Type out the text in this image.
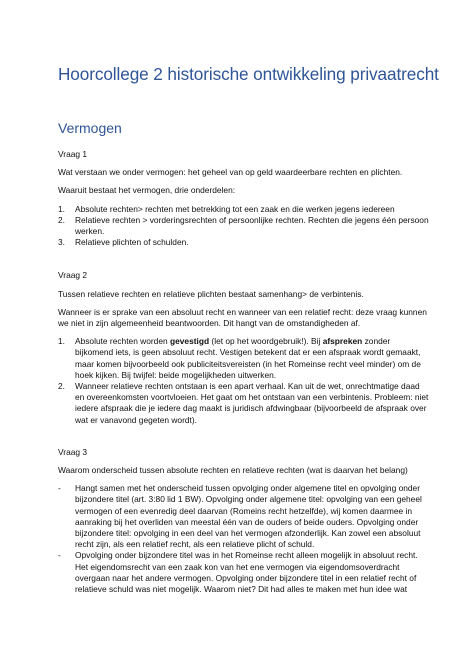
Hoorcollege 2 historische ontwikkeling privaatrecht
Vermogen

Vraag 1

Wat verstaan we onder vermogen: het geheel van op geld waardeerbare rechten en plichten.

Waaruit bestaat het vermogen, drie onderdelen:

1. Absolute rechten> rechten met betrekking tot een zaak en die werken jegens iedereen
2. Relatieve rechten > vorderingsrechten of persoonlijke rechten. Rechten die jegens één persoon werken.
3. Relatieve plichten of schulden.

Vraag 2

Tussen relatieve rechten en relatieve plichten bestaat samenhang> de verbintenis.

Wanneer is er sprake van een absoluut recht en wanneer van een relatief recht: deze vraag kunnen we niet in zijn algemeenheid beantwoorden. Dit hangt van de omstandigheden af.

1. Absolute rechten worden gevestigd (let op het woordgebruik!). Bij afspreken zonder bijkomend iets, is geen absoluut recht. Vestigen betekent dat er een afspraak wordt gemaakt, maar komen bijvoorbeeld ook publiciteitsvereisten (in het Romeinse recht veel minder) om de hoek kijken. Bij twijfel: beide mogelijkheden uitwerken.
2. Wanneer relatieve rechten ontstaan is een apart verhaal. Kan uit de wet, onrechtmatige daad en overeenkomsten voortvloeien. Het gaat om het ontstaan van een verbintenis. Probleem: niet iedere afspraak die je iedere dag maakt is juridisch afdwingbaar (bijvoorbeeld de afspraak over wat er vanavond gegeten wordt).

Vraag 3

Waarom onderscheid tussen absolute rechten en relatieve rechten (wat is daarvan het belang)

- Hangt samen met het onderscheid tussen opvolging onder algemene titel en opvolging onder bijzondere titel (art. 3:80 lid 1 BW). Opvolging onder algemene titel: opvolging van een geheel vermogen of een evenredig deel daarvan (Romeins recht hetzelfde), wij komen daarmee in aanraking bij het overliden van meestal één van de ouders of beide ouders. Opvolging onder bijzondere titel: opvolging in een deel van het vermogen afzonderlijk. Kan zowel een absoluut recht zijn, als een relatief recht, als een relatieve plicht of schuld.
- Opvolging onder bijzondere titel was in het Romeinse recht alleen mogelijk in absoluut recht. Het eigendomsrecht van een zaak kon van het ene vermogen via eigendomsoverdracht overgaan naar het andere vermogen. Opvolging onder bijzondere titel in een relatief recht of relatieve schuld was niet mogelijk. Waarom niet? Dit had alles te maken met hun idee wat
